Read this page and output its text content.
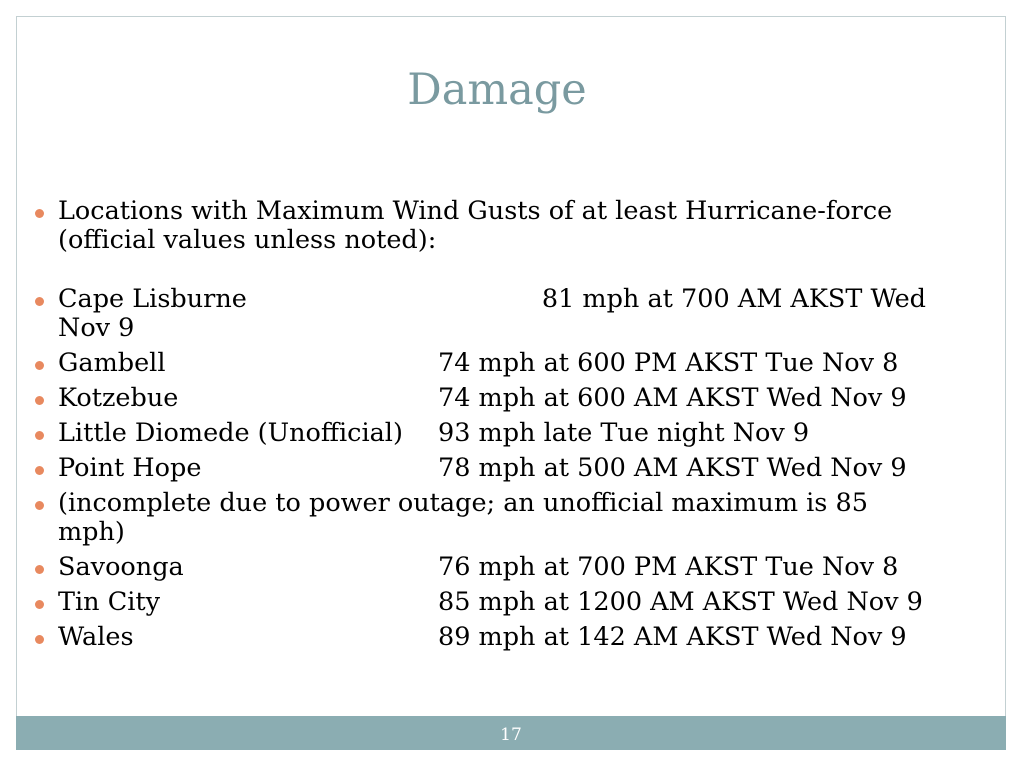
Damage
Locations with Maximum Wind Gusts of at least Hurricane-force (official values unless noted):
Cape Lisburne	81 mph at 700 AM AKST Wed Nov 9
Gambell	74 mph at 600 PM AKST Tue Nov 8
Kotzebue	74 mph at 600 AM AKST Wed Nov 9
Little Diomede (Unofficial) 93 mph late Tue night Nov 9
Point Hope	78 mph at 500 AM AKST Wed Nov 9
(incomplete due to power outage; an unofficial maximum is 85 mph)
Savoonga	76 mph at 700 PM AKST Tue Nov 8
Tin City	85 mph at 1200 AM AKST Wed Nov 9
Wales	89 mph at 142 AM AKST Wed Nov 9
17
